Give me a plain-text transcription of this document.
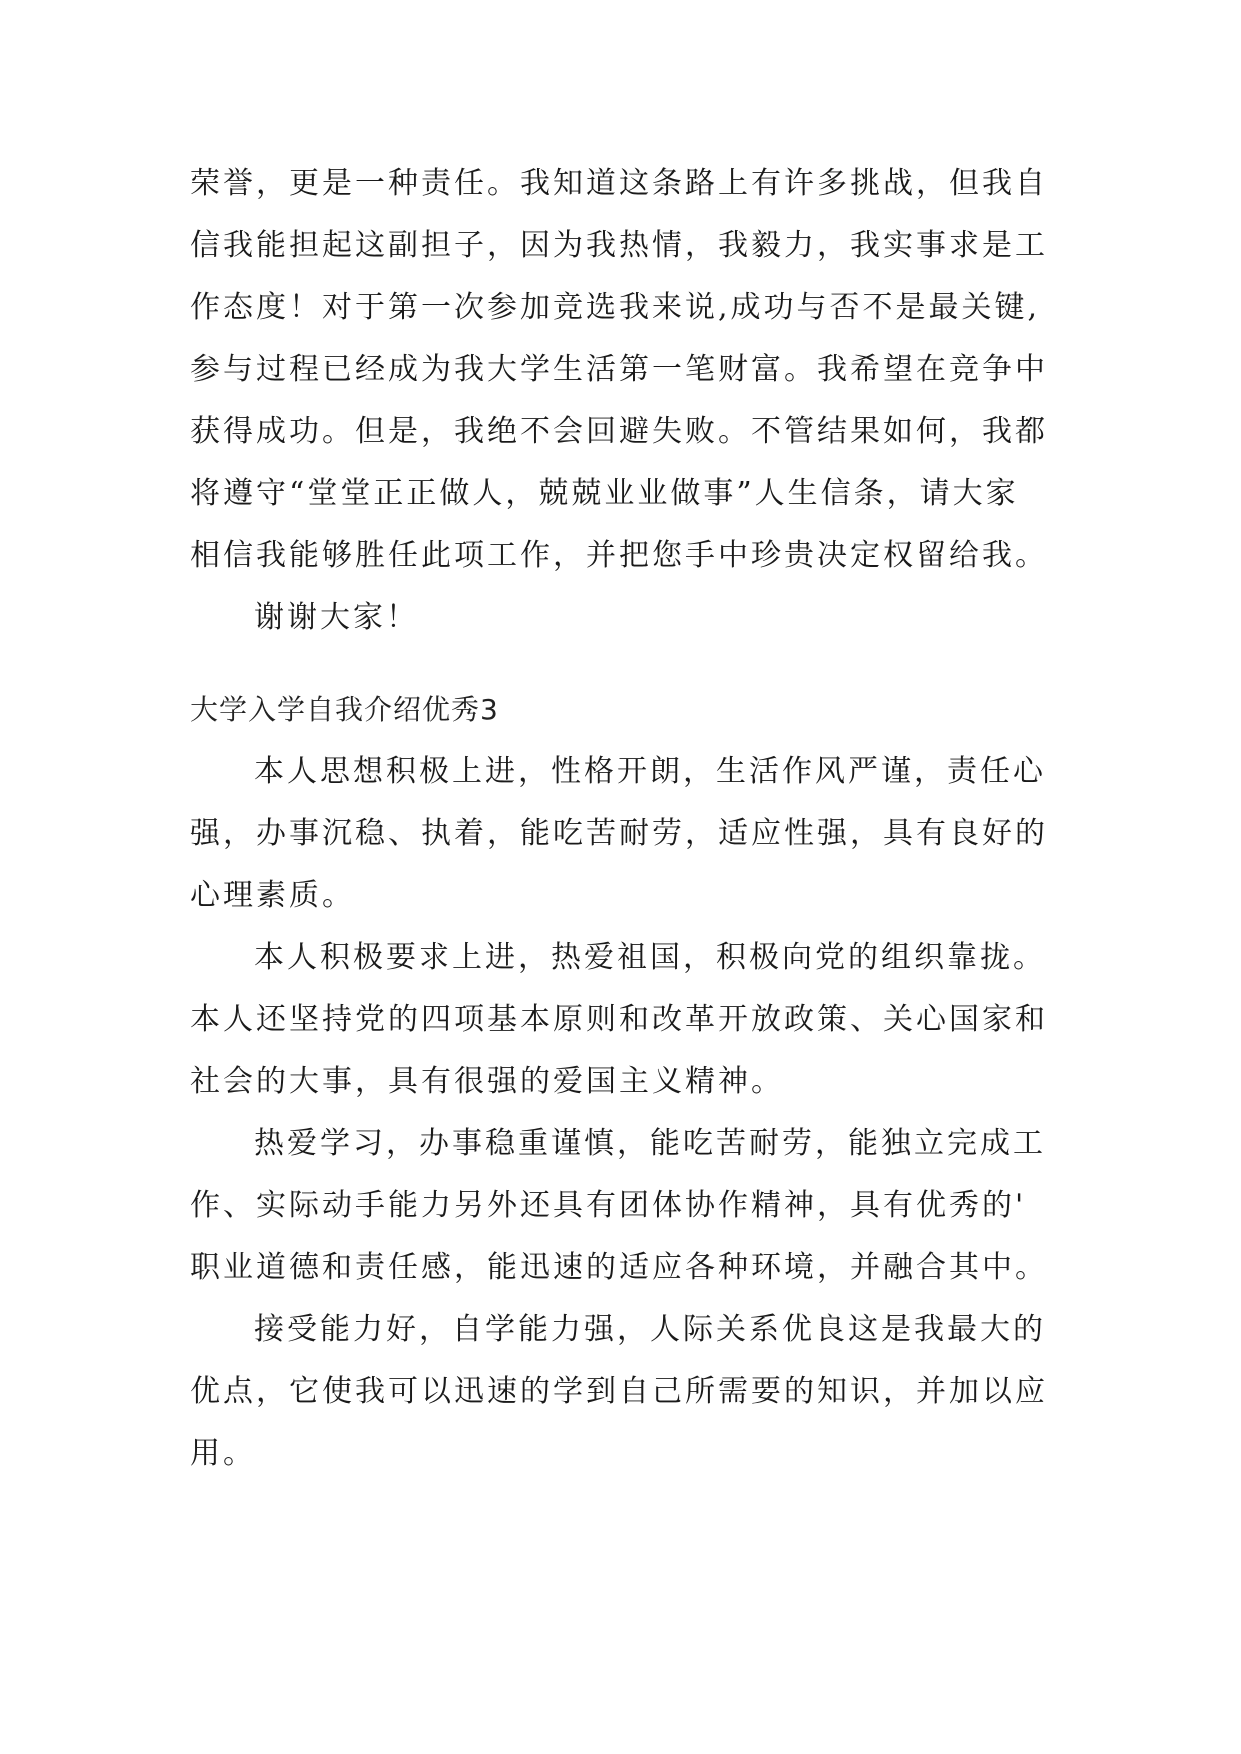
荣誉，更是一种责任。我知道这条路上有许多挑战，但我自
信我能担起这副担子，因为我热情，我毅力，我实事求是工
作态度！对于第一次参加竞选我来说,成功与否不是最关键,
参与过程已经成为我大学生活第一笔财富。我希望在竞争中
获得成功。但是，我绝不会回避失败。不管结果如何，我都
将遵守“堂堂正正做人，兢兢业业做事”人生信条，请大家
相信我能够胜任此项工作，并把您手中珍贵决定权留给我。
谢谢大家！
大学入学自我介绍优秀3
本人思想积极上进，性格开朗，生活作风严谨，责任心
强，办事沉稳、执着，能吃苦耐劳，适应性强，具有良好的
心理素质。
本人积极要求上进，热爱祖国，积极向党的组织靠拢。
本人还坚持党的四项基本原则和改革开放政策、关心国家和
社会的大事，具有很强的爱国主义精神。
热爱学习，办事稳重谨慎，能吃苦耐劳，能独立完成工
作、实际动手能力另外还具有团体协作精神，具有优秀的'
职业道德和责任感，能迅速的适应各种环境，并融合其中。
接受能力好，自学能力强，人际关系优良这是我最大的
优点，它使我可以迅速的学到自己所需要的知识，并加以应
用。
